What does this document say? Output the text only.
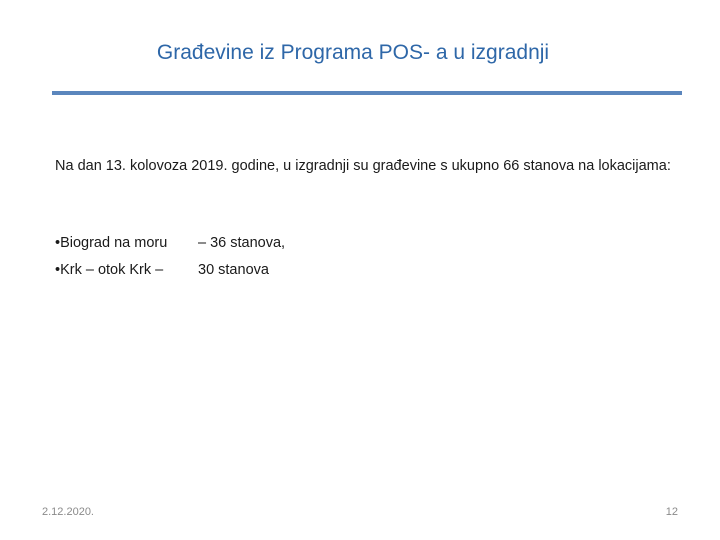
Građevine iz Programa POS- a u izgradnji
Na dan 13. kolovoza 2019. godine, u izgradnji su građevine s ukupno 66 stanova na lokacijama:
•Biograd na moru – 36 stanova,
•Krk – otok Krk – 30 stanova
2.12.2020.	12
